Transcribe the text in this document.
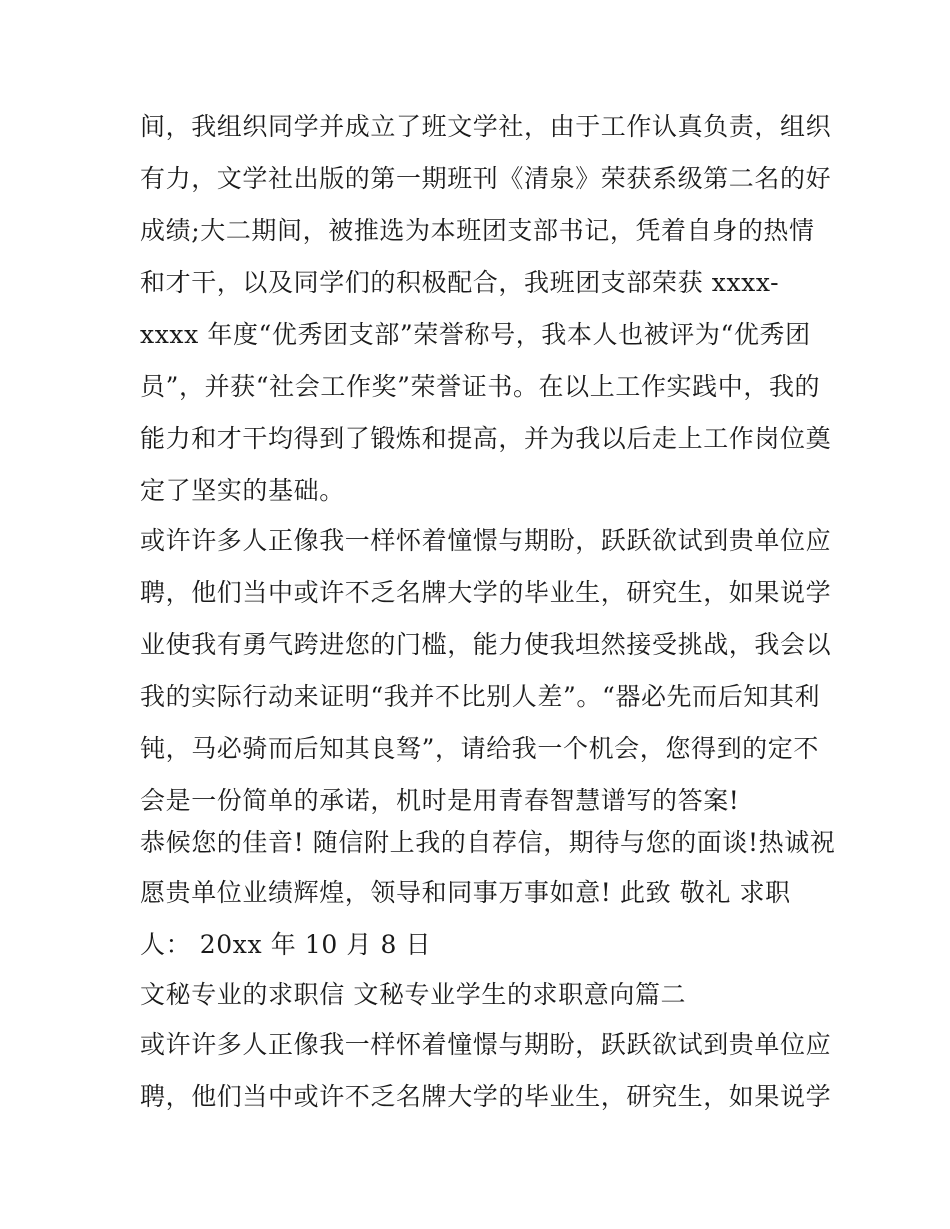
间，我组织同学并成立了班文学社，由于工作认真负责，组织

有力，文学社出版的第一期班刊《清泉》荣获系级第二名的好

成绩;大二期间，被推选为本班团支部书记，凭着自身的热情

和才干，以及同学们的积极配合，我班团支部荣获 xxxx-

xxxx 年度“优秀团支部”荣誉称号，我本人也被评为“优秀团

员”，并获“社会工作奖”荣誉证书。在以上工作实践中，我的

能力和才干均得到了锻炼和提高，并为我以后走上工作岗位奠

定了坚实的基础。

或许许多人正像我一样怀着憧憬与期盼，跃跃欲试到贵单位应

聘，他们当中或许不乏名牌大学的毕业生，研究生，如果说学

业使我有勇气跨进您的门槛，能力使我坦然接受挑战，我会以

我的实际行动来证明“我并不比别人差”。“器必先而后知其利

钝，马必骑而后知其良驽”，请给我一个机会，您得到的定不

会是一份简单的承诺，机时是用青春智慧谱写的答案!

恭候您的佳音! 随信附上我的自荐信，期待与您的面谈!热诚祝

愿贵单位业绩辉煌，领导和同事万事如意! 此致 敬礼 求职

人： 20xx 年 10 月 8 日

文秘专业的求职信 文秘专业学生的求职意向篇二

或许许多人正像我一样怀着憧憬与期盼，跃跃欲试到贵单位应

聘，他们当中或许不乏名牌大学的毕业生，研究生，如果说学
